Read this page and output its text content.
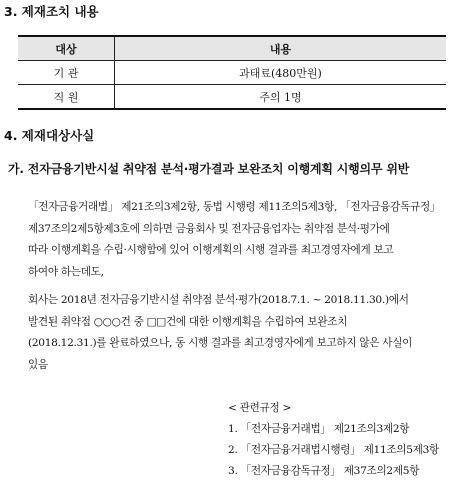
3. 제재조치 내용
대상	내용
기 관	과태료(480만원)
직 원	주의 1명
4. 제재대상사실
가. 전자금융기반시설 취약점 분석·평가결과 보완조치 이행계획 시행의무 위반
「전자금융거래법」 제21조의3제2항, 동법 시행령 제11조의5제3항, 「전자금융감독규정」
제37조의2제5항제3호에 의하면 금융회사 및 전자금융업자는 취약점 분석·평가에
따라 이행계획을 수립·시행함에 있어 이행계획의 시행 결과를 최고경영자에게 보고
하여야 하는데도,
회사는 2018년 전자금융기반시설 취약점 분석·평가(2018.7.1. ~ 2018.11.30.)에서
발견된 취약점 ○○○건 중 □□건에 대한 이행계획을 수립하여 보완조치
(2018.12.31.)를 완료하였으나, 동 시행 결과를 최고경영자에게 보고하지 않은 사실이
있음
< 관련규정 >
1. 「전자금융거래법」 제21조의3제2항
2. 「전자금융거래법시행령」 제11조의5제3항
3. 「전자금융감독규정」 제37조의2제5항
